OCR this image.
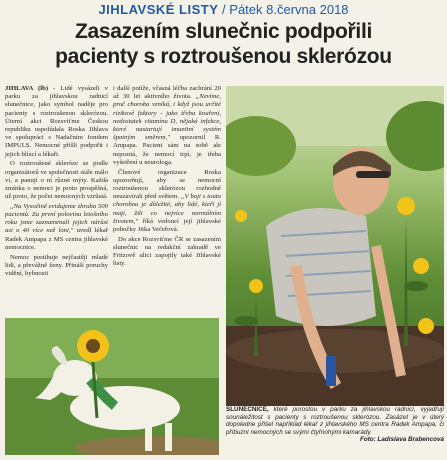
JIHLAVSKÉ LISTY / Pátek 8.června 2018
Zasazením slunečnic podpořili
pacienty s roztroušenou sklerózou

JIHLAVA (lb) - Lidé vysázeli v parku za jihlavskou radnicí slunečnice, jako symbol naděje pro pacienty s roztroušenou sklerózou. Úterní akci Rozsviťme Českou republiku uspořádala Roska Jihlava ve spolupráci s Nadačním fondem IMPULS. Nemocné přišli podpořit i jejich blízcí a lékaři.

O roztroušené skleróze se podle organizátorů ve společnosti stále málo ví, a panují o ní různé mýty. Každá zmínka o nemoci je proto prospěšná, už proto, že počet nemocných vzrůstá.

„Na Vysočině evidujeme zhruba 500 pacientů. Za první polovinu letošního roku jsme zaznamenali jejich nárůst asi o 40 více než loni," uvedl lékař Radek Ampapa z MS centra jihlavské nemocnice.

Nemoc postihuje nejčastěji mladé lidi, a převážně ženy. Přináší poruchy vidění, hybnosti

i další potíže, včasná léčba zachrání 20 až 30 let aktivního života. „Nevíme, proč choroba vzniká, i když jsou určité rizikové faktory - jako třeba kouření, nedostatek vitamínu D, nějaká infekce, které nastartují imunitní systém špatným směrem," upozornil R. Ampapa. Pacient sám na sobě ale nepozná, že nemocí trpí, je třeba vyšetření u neurologa.

Členové organizace Roska upozorňují, aby se nemocní roztroušenou sklerózou rozhodně neuzavírali před světem. „V boji s touto chorobou je důležité, aby lidé, kteří jí mají, žili co nejvíce normálním životem," říká vedoucí její jihlavské pobočky Jitka Večeřová.

Do akce Rozsviťme ČR se zasazením slunečnic na redakční zahradě ve Fritzově ulici zapojily také Jihlavské listy.

SLUNEČNICE, které porostou v parku za jihlavskou radnicí, vyjadřují sounáležitost s pacienty s roztroušenou sklerózou. Zasázet je v úterý dopoledne přišel například lékař z jihlavského MS centra Radek Ampapa, či příbuzní nemocných se svými čtyřnohými kamarády.
Foto: Ladislava Brabencová
